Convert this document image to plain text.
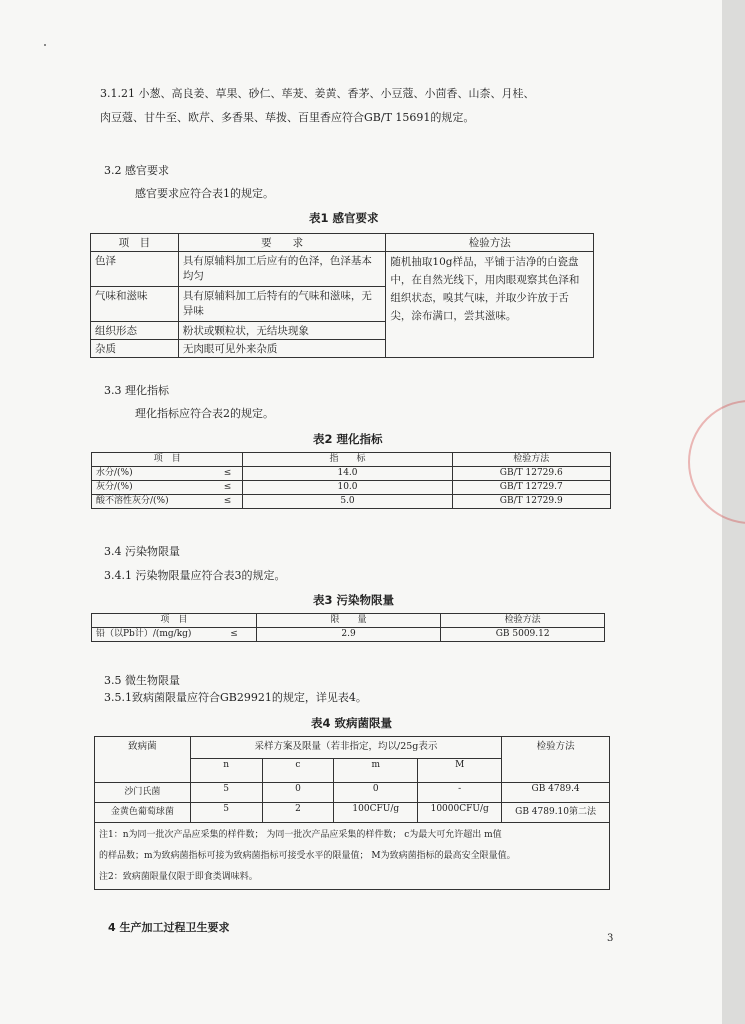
3.1.21 小葱、高良姜、草果、砂仁、荜茇、姜黄、香茅、小豆蔻、小茴香、山柰、月桂、
肉豆蔻、甘牛至、欧芹、多香果、荜拨、百里香应符合GB/T 15691的规定。
3.2 感官要求
感官要求应符合表1的规定。
表1 感官要求
项　目	要　　求	检验方法
色泽	具有原辅料加工后应有的色泽，色泽基本均匀	随机抽取10g样品，平铺于洁净的白瓷盘中，在自然光线下，用肉眼观察其色泽和组织状态，嗅其气味，并取少许放于舌尖，涂布满口，尝其滋味。
气味和滋味	具有原辅料加工后特有的气味和滋味，无异味	
组织形态	粉状或颗粒状，无结块现象	
杂质	无肉眼可见外来杂质	
3.3 理化指标
理化指标应符合表2的规定。
表2 理化指标
项　目		指　　标	检验方法
水分/(%)	≤	14.0	GB/T 12729.6
灰分/(%)	≤	10.0	GB/T 12729.7
酸不溶性灰分/(%)	≤	5.0	GB/T 12729.9
3.4 污染物限量
3.4.1 污染物限量应符合表3的规定。
表3 污染物限量
项　目		限　　量	检验方法
铅（以Pb计）/(mg/kg)	≤	2.9	GB 5009.12
3.5 微生物限量
3.5.1致病菌限量应符合GB29921的规定，详见表4。
表4 致病菌限量
致病菌	采样方案及限量（若非指定，均以/25g表示				检验方法
	n	c	m	M	
沙门氏菌	5	0	0	-	GB 4789.4
金黄色葡萄球菌	5	2	100CFU/g	10000CFU/g	GB 4789.10第二法

注1：n为同一批次产品应采集的样件数； 为同一批次产品应采集的样件数； c为最大可允许超出 m值
的样品数；m为致病菌指标可接为致病菌指标可接受水平的限量值； M为致病菌指标的最高安全限量值。
注2：致病菌限量仅限于即食类调味料。					
4 生产加工过程卫生要求
3
